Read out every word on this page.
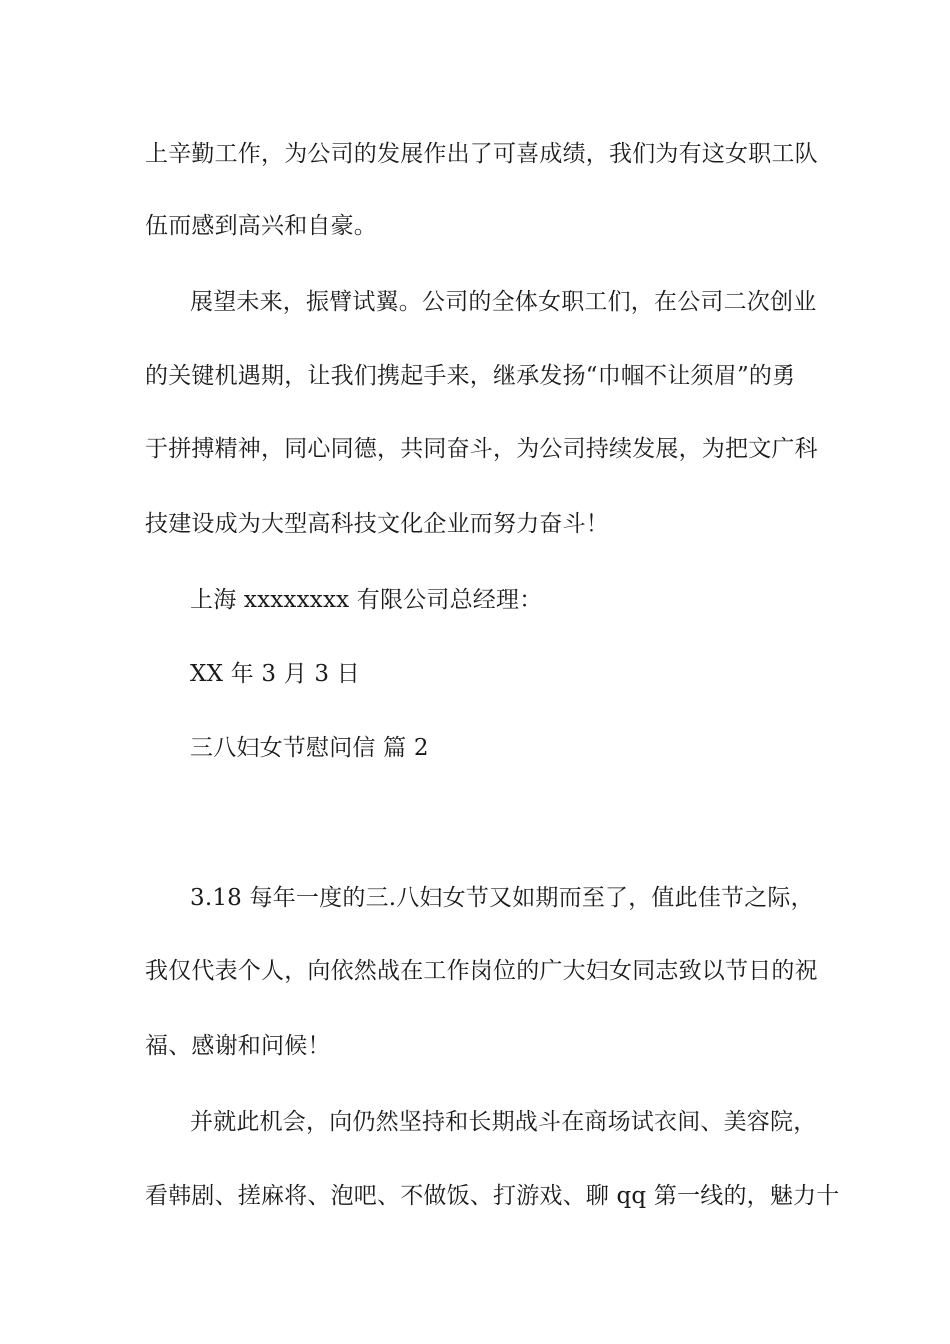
上辛勤工作，为公司的发展作出了可喜成绩，我们为有这女职工队
伍而感到高兴和自豪。
展望未来，振臂试翼。公司的全体女职工们，在公司二次创业
的关键机遇期，让我们携起手来，继承发扬“巾帼不让须眉”的勇
于拼搏精神，同心同德，共同奋斗，为公司持续发展，为把文广科
技建设成为大型高科技文化企业而努力奋斗！
上海 xxxxxxxx 有限公司总经理：
XX 年 3 月 3 日
三八妇女节慰问信 篇 2
3.18 每年一度的三.八妇女节又如期而至了，值此佳节之际，
我仅代表个人，向依然战在工作岗位的广大妇女同志致以节日的祝
福、感谢和问候！
并就此机会，向仍然坚持和长期战斗在商场试衣间、美容院，
看韩剧、搓麻将、泡吧、不做饭、打游戏、聊 qq 第一线的，魅力十
